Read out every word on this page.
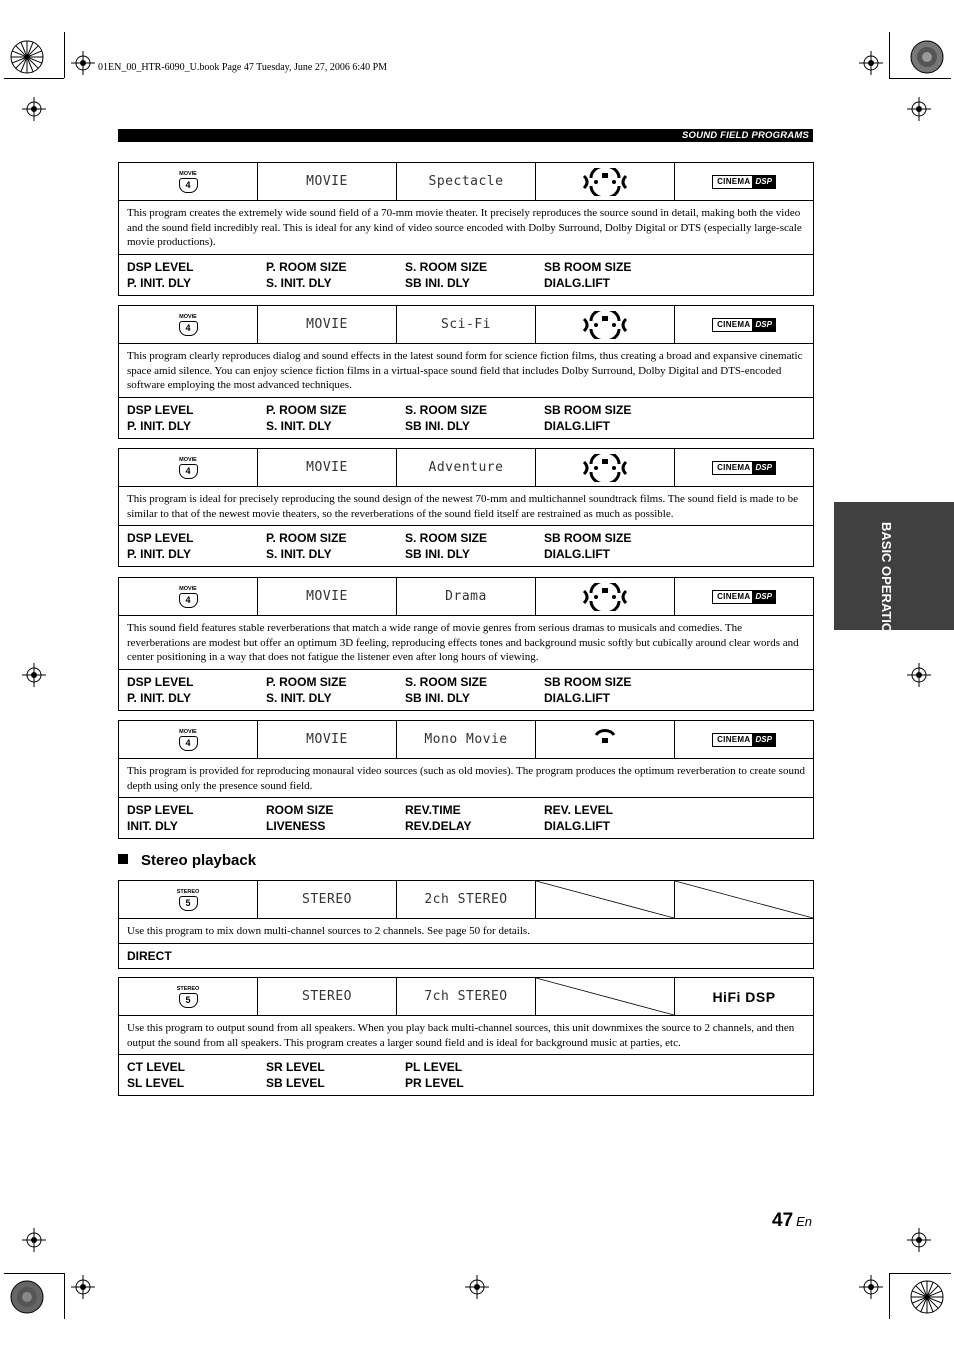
01EN_00_HTR-6090_U.book Page 47 Tuesday, June 27, 2006 6:40 PM
SOUND FIELD PROGRAMS
BASIC OPERATION
MOVIE
4	MOVIE	Spectacle	CINEMA DSP
This program creates the extremely wide sound field of a 70-mm movie theater. It precisely reproduces the source sound in detail, making both the video and the sound field incredibly real. This is ideal for any kind of video source encoded with Dolby Surround, Dolby Digital or DTS (especially large-scale movie productions).
DSP LEVEL	P. ROOM SIZE	S. ROOM SIZE	SB ROOM SIZE
P. INIT. DLY	S. INIT. DLY	SB INI. DLY	DIALG.LIFT
MOVIE
4	MOVIE	Sci-Fi	CINEMA DSP
This program clearly reproduces dialog and sound effects in the latest sound form for science fiction films, thus creating a broad and expansive cinematic space amid silence. You can enjoy science fiction films in a virtual-space sound field that includes Dolby Surround, Dolby Digital and DTS-encoded software employing the most advanced techniques.
DSP LEVEL	P. ROOM SIZE	S. ROOM SIZE	SB ROOM SIZE
P. INIT. DLY	S. INIT. DLY	SB INI. DLY	DIALG.LIFT
MOVIE
4	MOVIE	Adventure	CINEMA DSP
This program is ideal for precisely reproducing the sound design of the newest 70-mm and multichannel soundtrack films. The sound field is made to be similar to that of the newest movie theaters, so the reverberations of the sound field itself are restrained as much as possible.
DSP LEVEL	P. ROOM SIZE	S. ROOM SIZE	SB ROOM SIZE
P. INIT. DLY	S. INIT. DLY	SB INI. DLY	DIALG.LIFT
MOVIE
4	MOVIE	Drama	CINEMA DSP
This sound field features stable reverberations that match a wide range of movie genres from serious dramas to musicals and comedies. The reverberations are modest but offer an optimum 3D feeling, reproducing effects tones and background music softly but cubically around clear words and center positioning in a way that does not fatigue the listener even after long hours of viewing.
DSP LEVEL	P. ROOM SIZE	S. ROOM SIZE	SB ROOM SIZE
P. INIT. DLY	S. INIT. DLY	SB INI. DLY	DIALG.LIFT
MOVIE
4	MOVIE	Mono Movie	CINEMA DSP
This program is provided for reproducing monaural video sources (such as old movies). The program produces the optimum reverberation to create sound depth using only the presence sound field.
DSP LEVEL	ROOM SIZE	REV.TIME	REV. LEVEL
INIT. DLY	LIVENESS	REV.DELAY	DIALG.LIFT
Stereo playback
STEREO
5	STEREO	2ch STEREO
Use this program to mix down multi-channel sources to 2 channels. See page 50 for details.
DIRECT
STEREO
5	STEREO	7ch STEREO	HiFi DSP
Use this program to output sound from all speakers. When you play back multi-channel sources, this unit downmixes the source to 2 channels, and then output the sound from all speakers. This program creates a larger sound field and is ideal for background music at parties, etc.
CT LEVEL	SR LEVEL	PL LEVEL
SL LEVEL	SB LEVEL	PR LEVEL
47 En
